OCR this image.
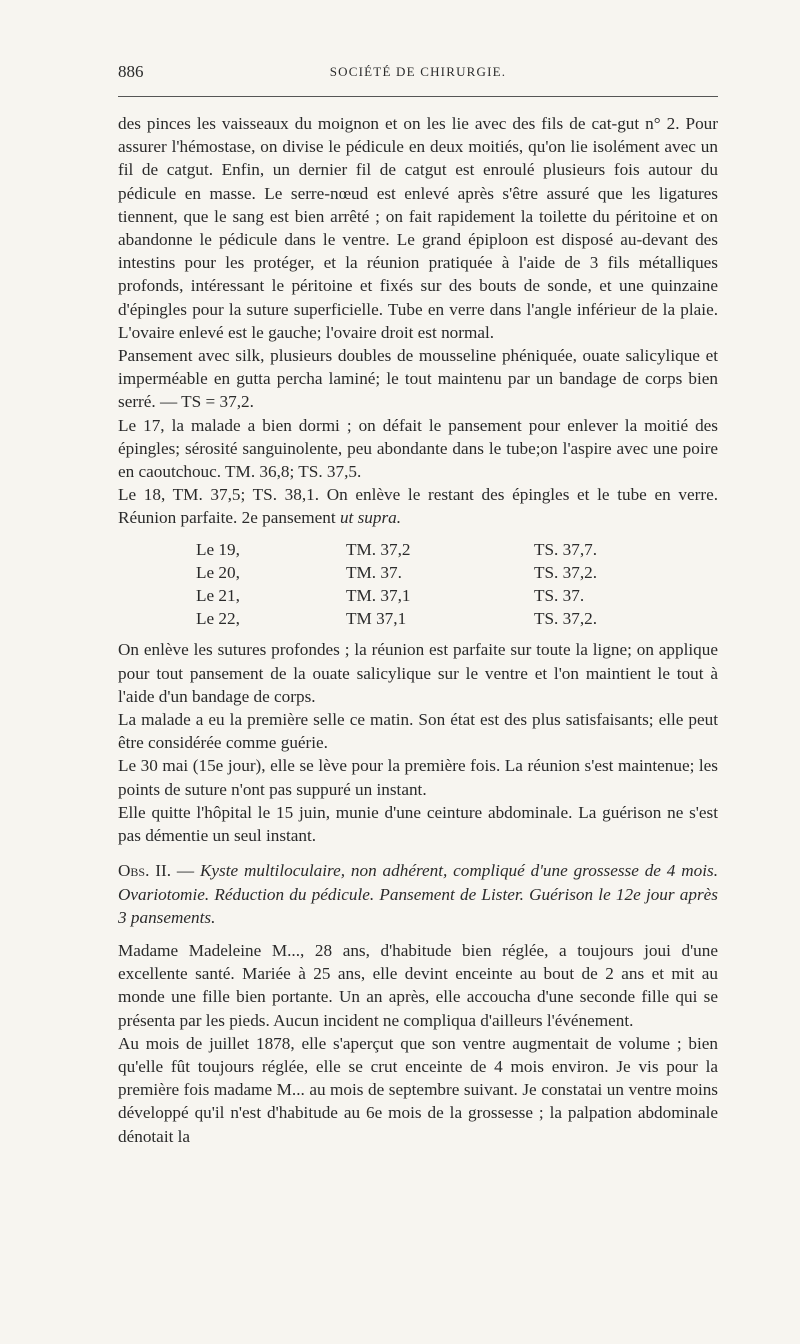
886	SOCIÉTÉ DE CHIRURGIE.

des pinces les vaisseaux du moignon et on les lie avec des fils de cat-gut n° 2. Pour assurer l'hémostase, on divise le pédicule en deux moitiés, qu'on lie isolément avec un fil de catgut. Enfin, un dernier fil de catgut est enroulé plusieurs fois autour du pédicule en masse. Le serre-nœud est enlevé après s'être assuré que les ligatures tiennent, que le sang est bien arrêté ; on fait rapidement la toilette du péritoine et on abandonne le pédicule dans le ventre. Le grand épiploon est disposé au-devant des intestins pour les protéger, et la réunion pratiquée à l'aide de 3 fils métalliques profonds, intéressant le péritoine et fixés sur des bouts de sonde, et une quinzaine d'épingles pour la suture superficielle. Tube en verre dans l'angle inférieur de la plaie. L'ovaire enlevé est le gauche; l'ovaire droit est normal.

Pansement avec silk, plusieurs doubles de mousseline phéniquée, ouate salicylique et imperméable en gutta percha laminé; le tout maintenu par un bandage de corps bien serré. — TS = 37,2.

Le 17, la malade a bien dormi ; on défait le pansement pour enlever la moitié des épingles; sérosité sanguinolente, peu abondante dans le tube;on l'aspire avec une poire en caoutchouc. TM. 36,8; TS. 37,5.

Le 18, TM. 37,5; TS. 38,1. On enlève le restant des épingles et le tube en verre. Réunion parfaite. 2e pansement ut supra.

Le 19,	TM. 37,2	TS. 37,7.
Le 20,	TM. 37.	TS. 37,2.
Le 21,	TM. 37,1	TS. 37.
Le 22,	TM 37,1	TS. 37,2.

On enlève les sutures profondes ; la réunion est parfaite sur toute la ligne; on applique pour tout pansement de la ouate salicylique sur le ventre et l'on maintient le tout à l'aide d'un bandage de corps.

La malade a eu la première selle ce matin. Son état est des plus satisfaisants; elle peut être considérée comme guérie.

Le 30 mai (15e jour), elle se lève pour la première fois. La réunion s'est maintenue; les points de suture n'ont pas suppuré un instant.

Elle quitte l'hôpital le 15 juin, munie d'une ceinture abdominale. La guérison ne s'est pas démentie un seul instant.

Obs. II. — Kyste multiloculaire, non adhérent, compliqué d'une grossesse de 4 mois. Ovariotomie. Réduction du pédicule. Pansement de Lister. Guérison le 12e jour après 3 pansements.

Madame Madeleine M..., 28 ans, d'habitude bien réglée, a toujours joui d'une excellente santé. Mariée à 25 ans, elle devint enceinte au bout de 2 ans et mit au monde une fille bien portante. Un an après, elle accoucha d'une seconde fille qui se présenta par les pieds. Aucun incident ne compliqua d'ailleurs l'événement.

Au mois de juillet 1878, elle s'aperçut que son ventre augmentait de volume ; bien qu'elle fût toujours réglée, elle se crut enceinte de 4 mois environ. Je vis pour la première fois madame M... au mois de septembre suivant. Je constatai un ventre moins développé qu'il n'est d'habitude au 6e mois de la grossesse ; la palpation abdominale dénotait la
